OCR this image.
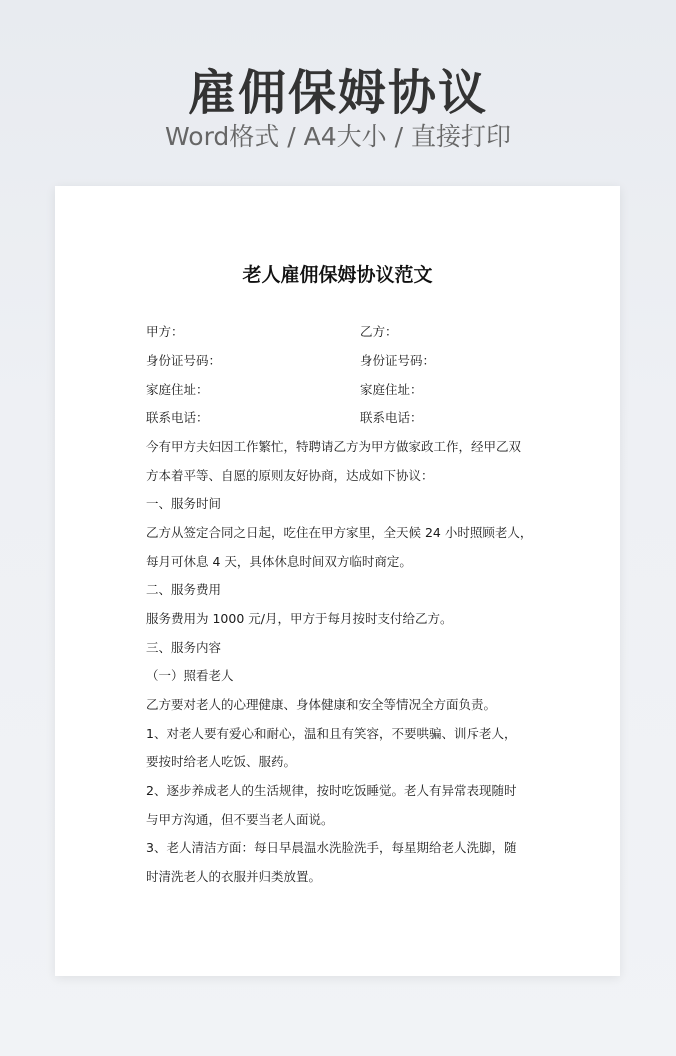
雇佣保姆协议
Word格式 / A4大小 / 直接打印
老人雇佣保姆协议范文
甲方：	乙方：
身份证号码：	身份证号码：
家庭住址：	家庭住址：
联系电话：	联系电话：
今有甲方夫妇因工作繁忙，特聘请乙方为甲方做家政工作，经甲乙双
方本着平等、自愿的原则友好协商，达成如下协议：
一、服务时间
乙方从签定合同之日起，吃住在甲方家里，全天候 24 小时照顾老人，
每月可休息 4 天，具体休息时间双方临时商定。
二、服务费用
服务费用为 1000 元/月，甲方于每月按时支付给乙方。
三、服务内容
（一）照看老人
乙方要对老人的心理健康、身体健康和安全等情况全方面负责。
1、对老人要有爱心和耐心，温和且有笑容，不要哄骗、训斥老人，
要按时给老人吃饭、服药。
2、逐步养成老人的生活规律，按时吃饭睡觉。老人有异常表现随时
与甲方沟通，但不要当老人面说。
3、老人清洁方面：每日早晨温水洗脸洗手，每星期给老人洗脚，随
时清洗老人的衣服并归类放置。
